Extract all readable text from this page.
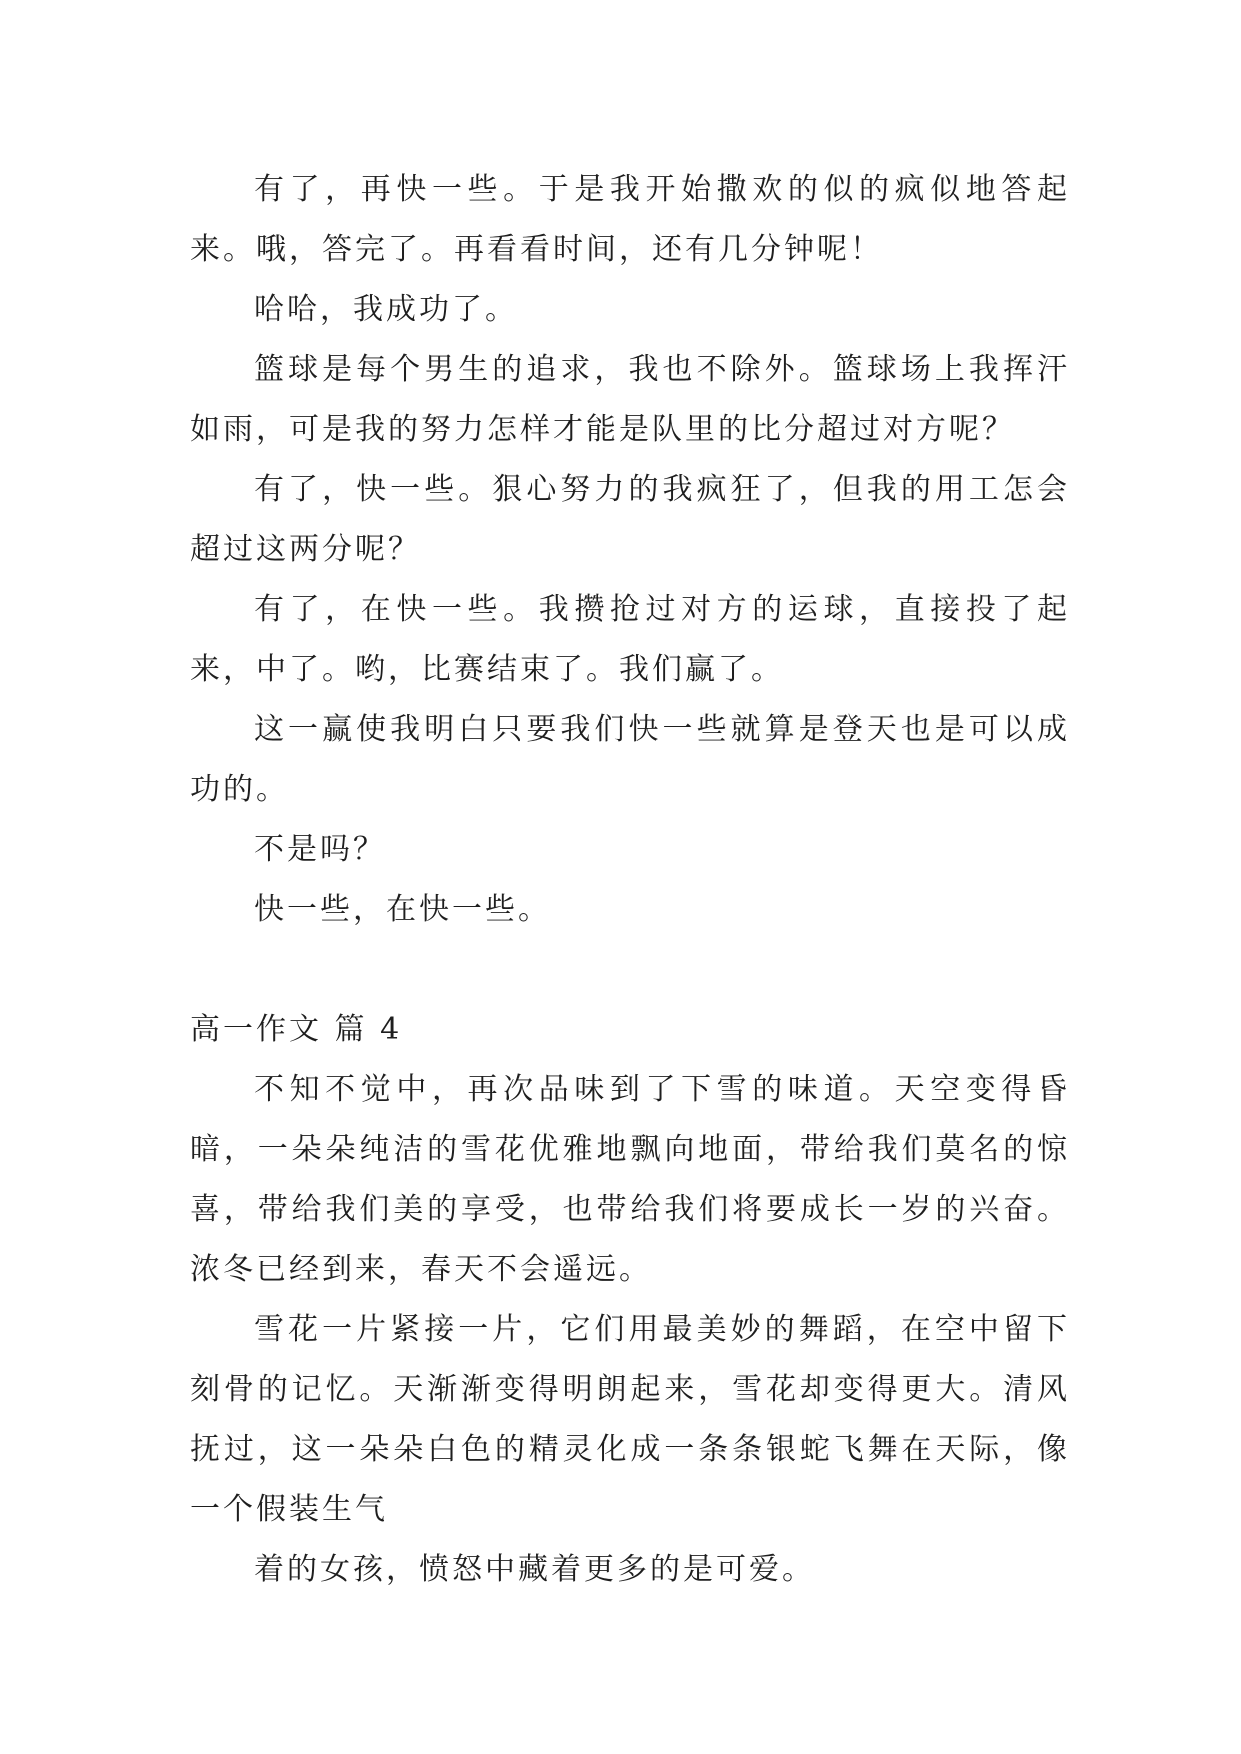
有了，再快一些。于是我开始撒欢的似的疯似地答起来。哦，答完了。再看看时间，还有几分钟呢！

哈哈，我成功了。

篮球是每个男生的追求，我也不除外。篮球场上我挥汗如雨，可是我的努力怎样才能是队里的比分超过对方呢？

有了，快一些。狠心努力的我疯狂了，但我的用工怎会超过这两分呢？

有了，在快一些。我攒抢过对方的运球，直接投了起来，中了。哟，比赛结束了。我们赢了。

这一赢使我明白只要我们快一些就算是登天也是可以成功的。

不是吗？

快一些，在快一些。

高一作文 篇 4

不知不觉中，再次品味到了下雪的味道。天空变得昏暗，一朵朵纯洁的雪花优雅地飘向地面，带给我们莫名的惊喜，带给我们美的享受，也带给我们将要成长一岁的兴奋。浓冬已经到来，春天不会遥远。

雪花一片紧接一片，它们用最美妙的舞蹈，在空中留下刻骨的记忆。天渐渐变得明朗起来，雪花却变得更大。清风抚过，这一朵朵白色的精灵化成一条条银蛇飞舞在天际，像一个假装生气

着的女孩，愤怒中藏着更多的是可爱。
